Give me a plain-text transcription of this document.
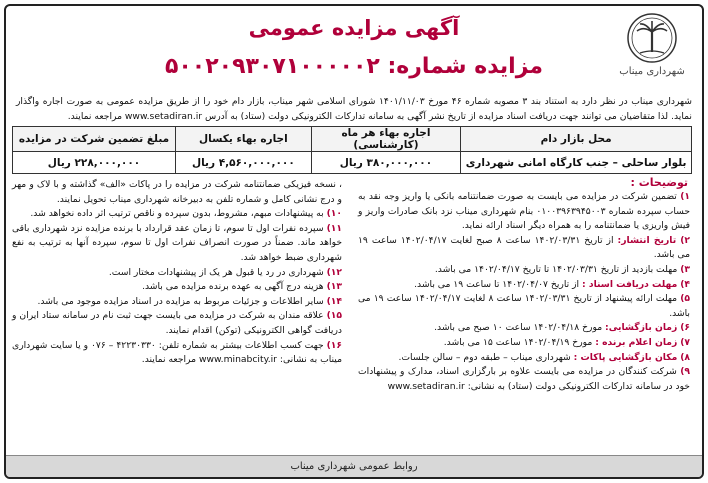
آگهی مزایده عمومی
مزایده شماره: ۵۰۰۲۰۹۳۰۷۱۰۰۰۰۰۲	شهرداری میناب
شهرداری میناب در نظر دارد به استناد بند ۳ مصوبه شماره ۴۶ مورخ ۱۴۰۱/۱۱/۰۳ شورای اسلامی شهر میناب، بازار دام خود را از طریق مزایده عمومی به صورت اجاره واگذار نماید. لذا متقاضیان می توانند جهت دریافت اسناد مزایده از تاریخ نشر آگهی به سامانه تدارکات الکترونیکی دولت (ستاد) به آدرس www.setadiran.ir مراجعه نمایند.
محل بازار دام	اجاره بهاء هر ماه (کارشناسی)	اجاره بهاء یکسال	مبلغ تضمین شرکت در مزایده
بلوار ساحلی – جنب کارگاه امانی شهرداری	۳۸۰,۰۰۰,۰۰۰ ریال	۴,۵۶۰,۰۰۰,۰۰۰ ریال	۲۲۸,۰۰۰,۰۰۰ ریال
توضیحات :
۱) تضمین شرکت در مزایده می بایست به صورت ضمانتنامه بانکی یا واریز وجه نقد به حساب سپرده شماره ۰۱۰۰۳۹۶۳۹۴۵۰۰۳ بنام شهرداری میناب نزد بانک صادرات واریز و فیش واریزی یا ضمانتنامه را به همراه دیگر اسناد ارائه نماید.
۲) تاریخ انتشار: از تاریخ ۱۴۰۲/۰۳/۳۱ ساعت ۸ صبح لغایت ۱۴۰۲/۰۴/۱۷ ساعت ۱۹ می باشد.
۳) مهلت بازدید از تاریخ ۱۴۰۲/۰۳/۳۱ تا تاریخ ۱۴۰۲/۰۴/۱۷ می باشد.
۴) مهلت دریافت اسناد : از تاریخ ۱۴۰۲/۰۴/۰۷ تا ساعت ۱۹ می باشد.
۵) مهلت ارائه پیشنهاد از تاریخ ۱۴۰۲/۰۳/۳۱ ساعت ۸ لغایت ۱۴۰۲/۰۴/۱۷ ساعت ۱۹ می باشد.
۶) زمان بازگشایی: مورخ ۱۴۰۲/۰۴/۱۸ ساعت ۱۰ صبح می باشد.
۷) زمان اعلام برنده : مورخ ۱۴۰۲/۰۴/۱۹ ساعت ۱۵ می باشد.
۸) مکان بازگشایی پاکات : شهرداری میناب – طبقه دوم – سالن جلسات.
۹) شرکت کنندگان در مزایده می بایست علاوه بر بارگزاری اسناد، مدارک و پیشنهادات خود در سامانه تدارکات الکترونیکی دولت (ستاد) به نشانی: www.setadiran.ir
، نسخه فیزیکی ضمانتنامه شرکت در مزایده را در پاکات «الف» گذاشته و با لاک و مهر و درج نشانی کامل و شماره تلفن به دبیرخانه شهرداری میناب تحویل نمایند.
۱۰) به پیشنهادات مبهم، مشروط، بدون سپرده و ناقص ترتیب اثر داده نخواهد شد.
۱۱) سپرده نفرات اول تا سوم، تا زمان عقد قرارداد با برنده مزایده نزد شهرداری باقی خواهد ماند. ضمناً در صورت انصراف نفرات اول تا سوم، سپرده آنها به ترتیب به نفع شهرداری ضبط خواهد شد.
۱۲) شهرداری در رد یا قبول هر یک از پیشنهادات مختار است.
۱۳) هزینه درج آگهی به عهده برنده مزایده می باشد.
۱۴) سایر اطلاعات و جزئیات مربوط به مزایده در اسناد مزایده موجود می باشد.
۱۵) علاقه مندان به شرکت در مزایده می بایست جهت ثبت نام در سامانه ستاد ایران و دریافت گواهی الکترونیکی (توکن) اقدام نمایند.
۱۶) جهت کسب اطلاعات بیشتر به شماره تلفن: ۴۲۲۳۰۳۳۰ – ۰۷۶ و یا سایت شهرداری میناب به نشانی: www.minabcity.ir مراجعه نمایند.
روابط عمومی شهرداری میناب
